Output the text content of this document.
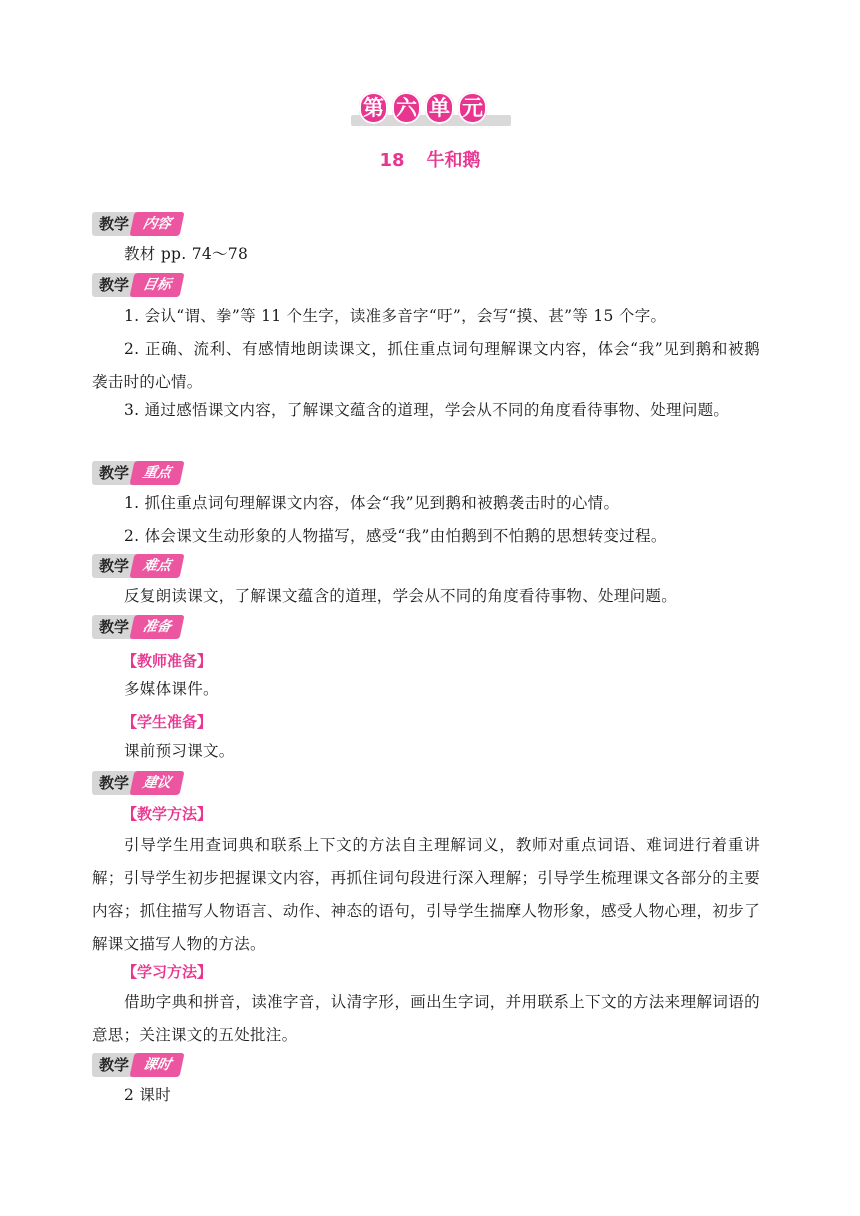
第 六 单 元
18 牛和鹅
教学 内容
教材 pp. 74～78
教学 目标
1. 会认“谓、拳”等 11 个生字，读准多音字“吁”，会写“摸、甚”等 15 个字。
2. 正确、流利、有感情地朗读课文，抓住重点词句理解课文内容，体会“我”见到鹅和被鹅袭击时的心情。
3. 通过感悟课文内容，了解课文蕴含的道理，学会从不同的角度看待事物、处理问题。
教学 重点
1. 抓住重点词句理解课文内容，体会“我”见到鹅和被鹅袭击时的心情。
2. 体会课文生动形象的人物描写，感受“我”由怕鹅到不怕鹅的思想转变过程。
教学 难点
反复朗读课文，了解课文蕴含的道理，学会从不同的角度看待事物、处理问题。
教学 准备
【教师准备】
多媒体课件。
【学生准备】
课前预习课文。
教学 建议
【教学方法】
引导学生用查词典和联系上下文的方法自主理解词义，教师对重点词语、难词进行着重讲解；引导学生初步把握课文内容，再抓住词句段进行深入理解；引导学生梳理课文各部分的主要内容；抓住描写人物语言、动作、神态的语句，引导学生揣摩人物形象，感受人物心理，初步了解课文描写人物的方法。
【学习方法】
借助字典和拼音，读准字音，认清字形，画出生字词，并用联系上下文的方法来理解词语的意思；关注课文的五处批注。
教学 课时
2 课时
